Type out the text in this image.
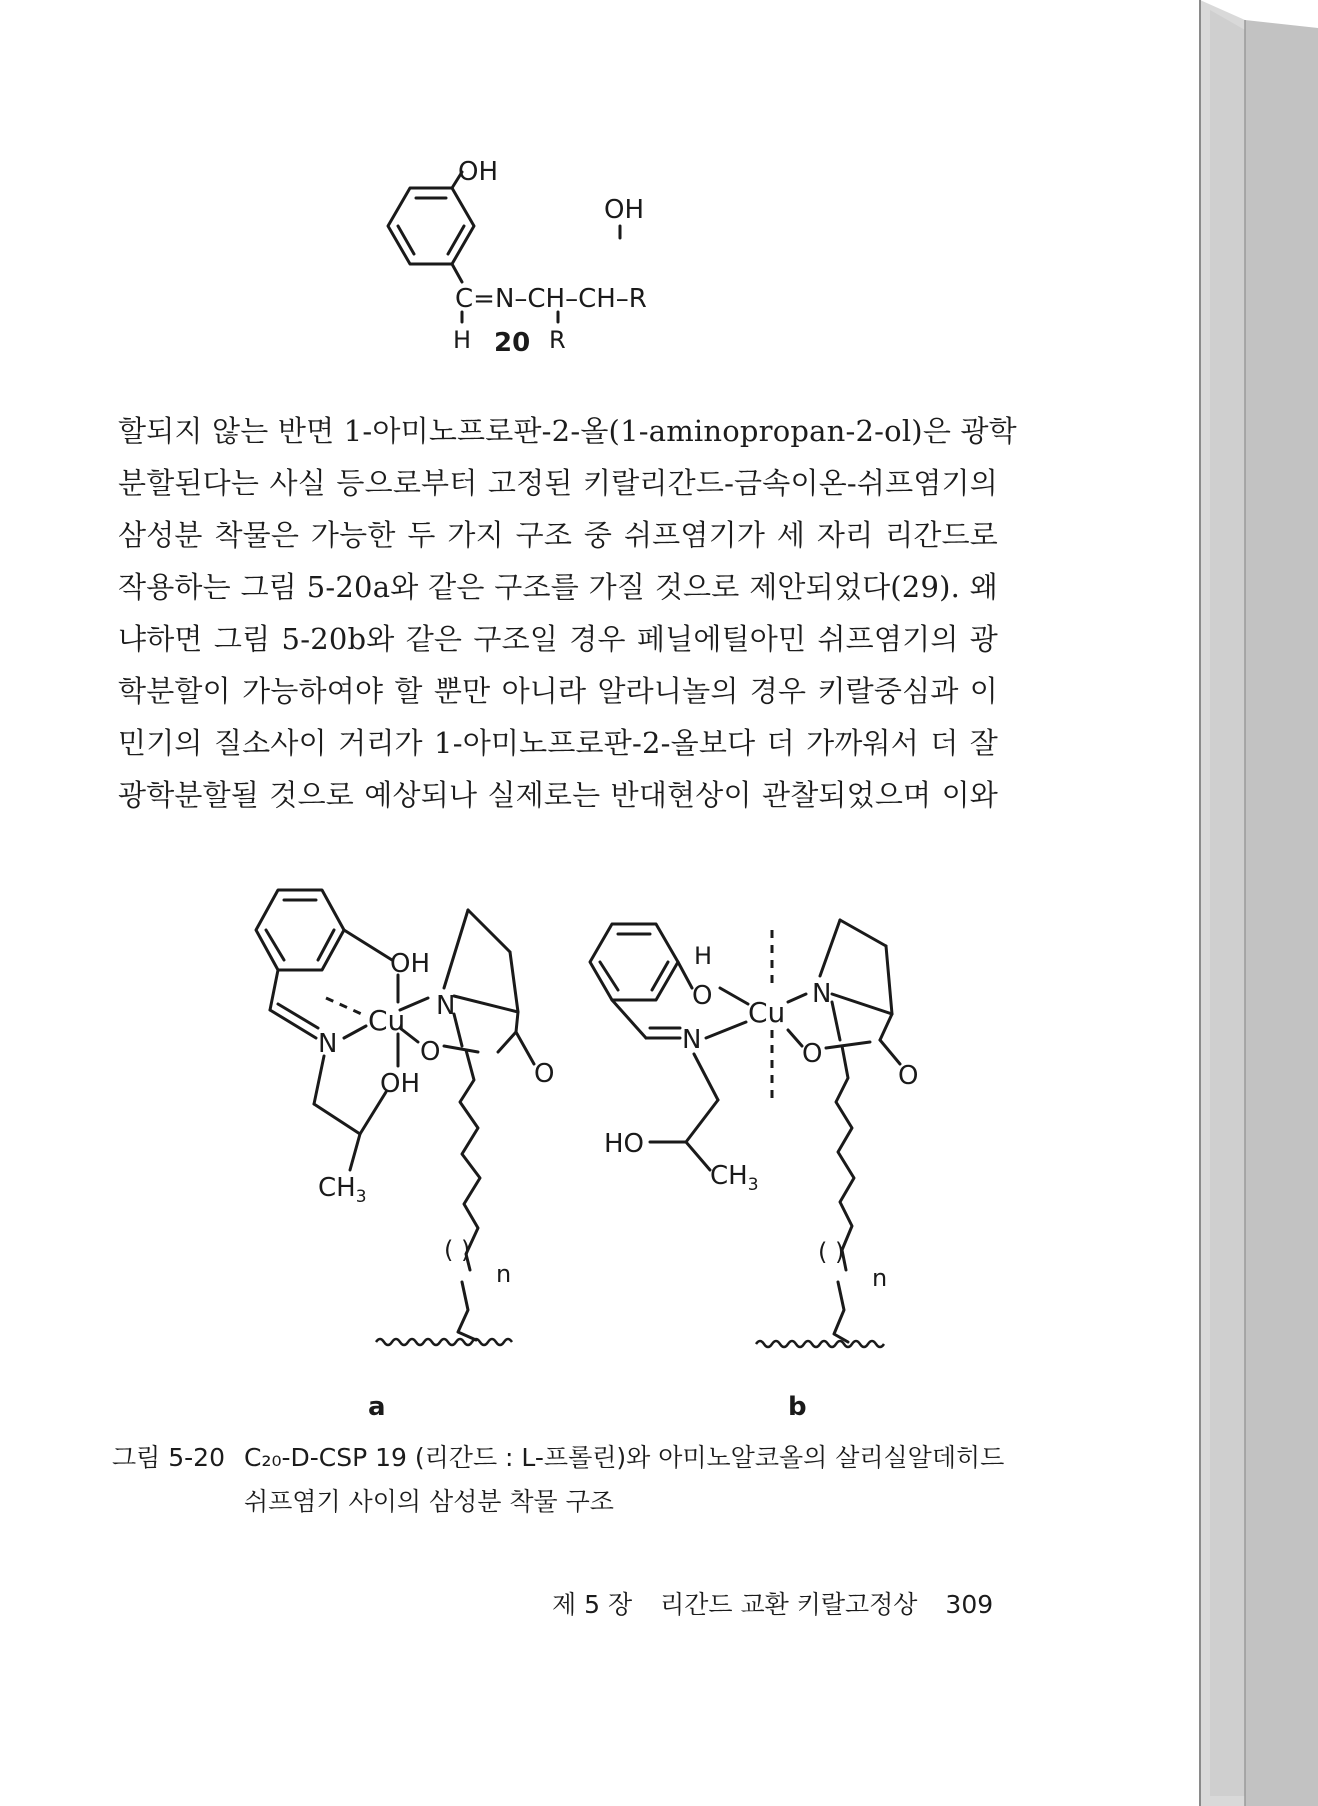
OH
C=N–CH–CH–R
H	R
OH
20
할되지 않는 반면 1-아미노프로판-2-올(1-aminopropan-2-ol)은 광학
분할된다는 사실 등으로부터 고정된 키랄리간드-금속이온-쉬프염기의
삼성분 착물은 가능한 두 가지 구조 중 쉬프염기가 세 자리 리간드로
작용하는 그림 5-20a와 같은 구조를 가질 것으로 제안되었다(29). 왜
냐하면 그림 5-20b와 같은 구조일 경우 페닐에틸아민 쉬프염기의 광
학분할이 가능하여야 할 뿐만 아니라 알라니놀의 경우 키랄중심과 이
민기의 질소사이 거리가 1-아미노프로판-2-올보다 더 가까워서 더 잘
광학분할될 것으로 예상되나 실제로는 반대현상이 관찰되었으며 이와
OH
N
Cu
OH
$CH_3$
N
O
O
( )
n
a
O
H
N
Cu
HO
$CH_3$
N
O
O
( )
n
b
그림 5-20 C₂₀-D-CSP 19 (리간드 : L-프롤린)와 아미노알코올의 살리실알데히드
쉬프염기 사이의 삼성분 착물 구조
제 5 장 리간드 교환 키랄고정상 309
